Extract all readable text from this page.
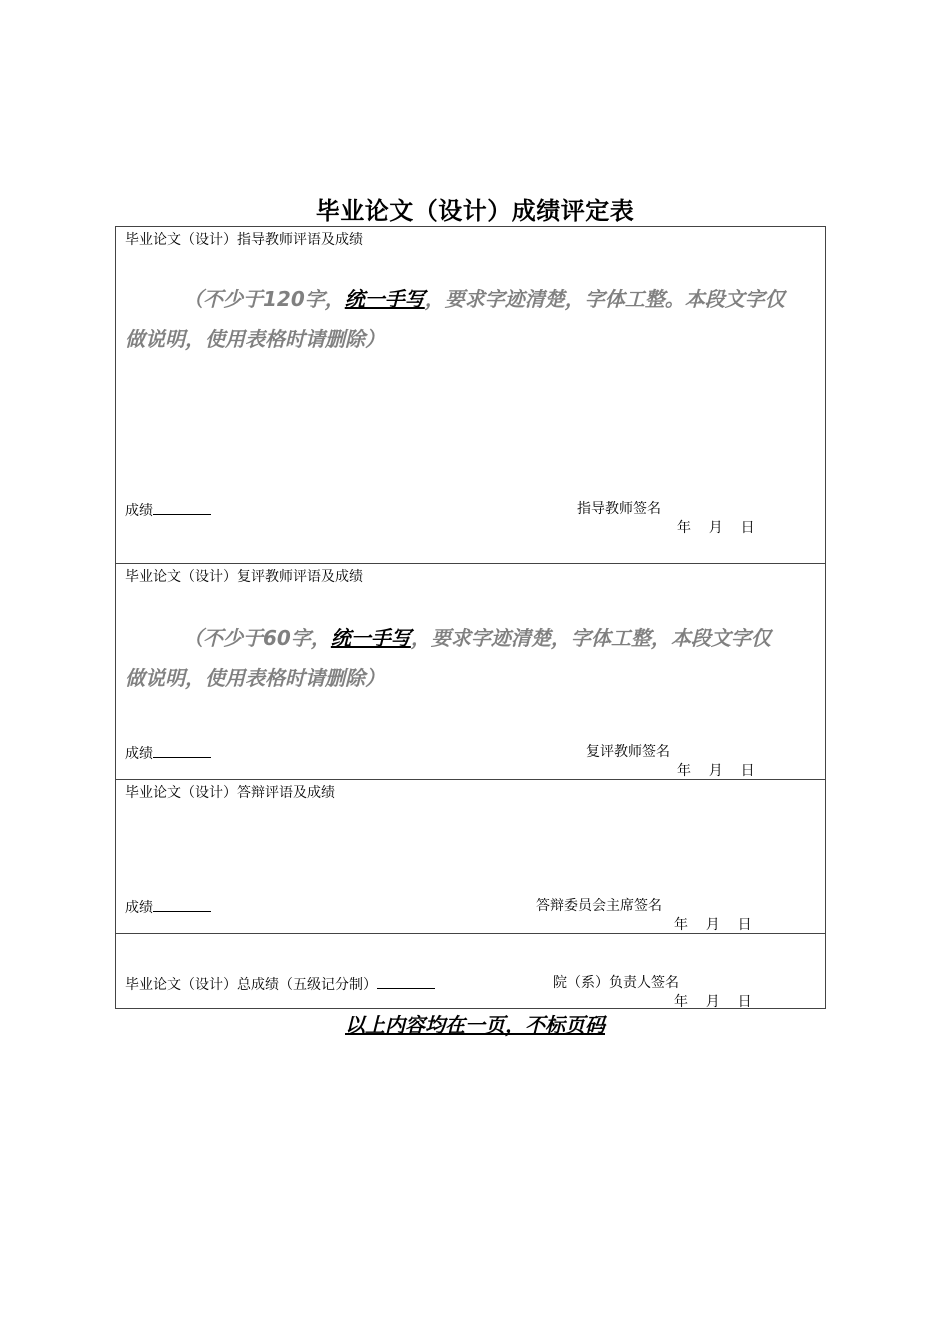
毕业论文（设计）成绩评定表
毕业论文（设计）指导教师评语及成绩
（不少于120字，统一手写，要求字迹清楚，字体工整。本段文字仅做说明，使用表格时请删除）
成绩	指导教师签名
年    月    日
毕业论文（设计）复评教师评语及成绩
（不少于60字，统一手写，要求字迹清楚，字体工整，本段文字仅做说明，使用表格时请删除）
成绩	复评教师签名
年    月    日
毕业论文（设计）答辩评语及成绩
成绩	答辩委员会主席签名
年    月    日
毕业论文（设计）总成绩（五级记分制）	院（系）负责人签名
年    月    日
以上内容均在一页，不标页码
